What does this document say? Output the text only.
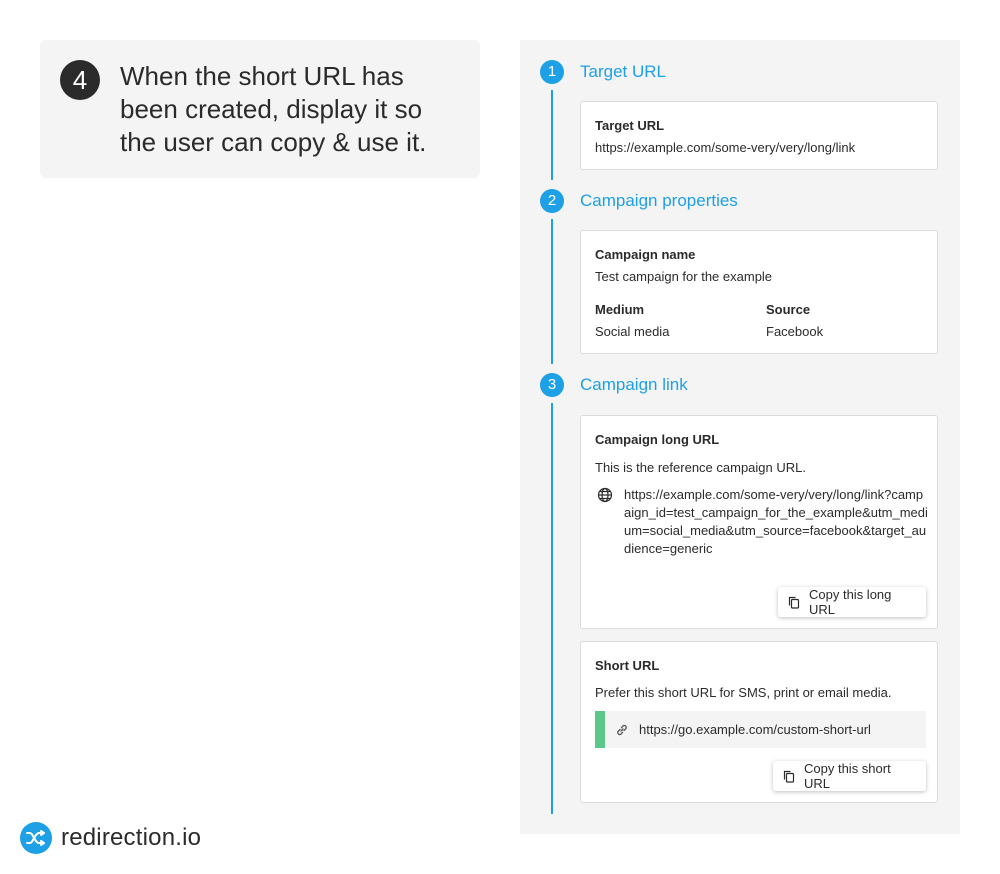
4	When the short URL has been created, display it so the user can copy & use it.
redirection.io
1	Target URL
Target URL
https://example.com/some-very/very/long/link
2	Campaign properties
Campaign name
Test campaign for the example
Medium
Social media
Source
Facebook
3	Campaign link
Campaign long URL
This is the reference campaign URL.
https://example.com/some-very/very/long/link?campaign_id=test_campaign_for_the_example&utm_medium=social_media&utm_source=facebook&target_audience=generic
Copy this long URL
Short URL
Prefer this short URL for SMS, print or email media.
https://go.example.com/custom-short-url
Copy this short URL
